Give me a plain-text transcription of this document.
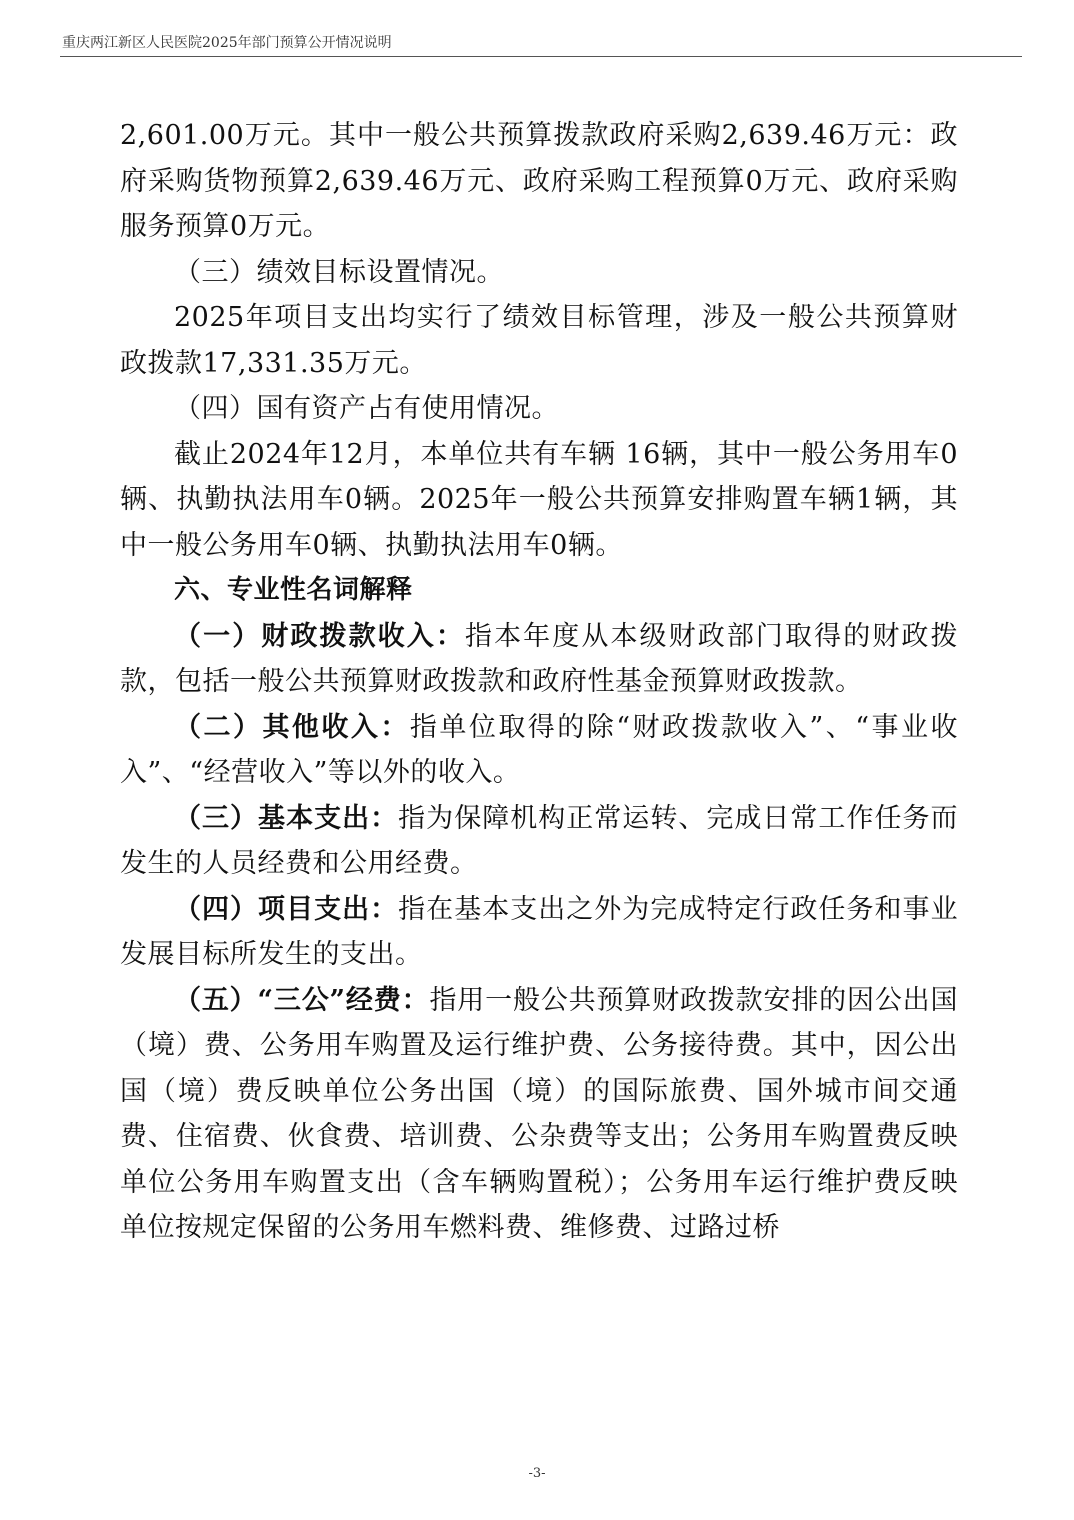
重庆两江新区人民医院2025年部门预算公开情况说明

2,601.00万元。其中一般公共预算拨款政府采购2,639.46万元：政府采购货物预算2,639.46万元、政府采购工程预算0万元、政府采购服务预算0万元。

（三）绩效目标设置情况。

2025年项目支出均实行了绩效目标管理，涉及一般公共预算财政拨款17,331.35万元。

（四）国有资产占有使用情况。

截止2024年12月，本单位共有车辆 16辆，其中一般公务用车0辆、执勤执法用车0辆。2025年一般公共预算安排购置车辆1辆，其中一般公务用车0辆、执勤执法用车0辆。

六、专业性名词解释

（一）财政拨款收入：指本年度从本级财政部门取得的财政拨款，包括一般公共预算财政拨款和政府性基金预算财政拨款。

（二）其他收入：指单位取得的除“财政拨款收入”、“事业收入”、“经营收入”等以外的收入。

（三）基本支出：指为保障机构正常运转、完成日常工作任务而发生的人员经费和公用经费。

（四）项目支出：指在基本支出之外为完成特定行政任务和事业发展目标所发生的支出。

（五）“三公”经费：指用一般公共预算财政拨款安排的因公出国（境）费、公务用车购置及运行维护费、公务接待费。其中，因公出国（境）费反映单位公务出国（境）的国际旅费、国外城市间交通费、住宿费、伙食费、培训费、公杂费等支出；公务用车购置费反映单位公务用车购置支出（含车辆购置税）；公务用车运行维护费反映单位按规定保留的公务用车燃料费、维修费、过路过桥

-3-
